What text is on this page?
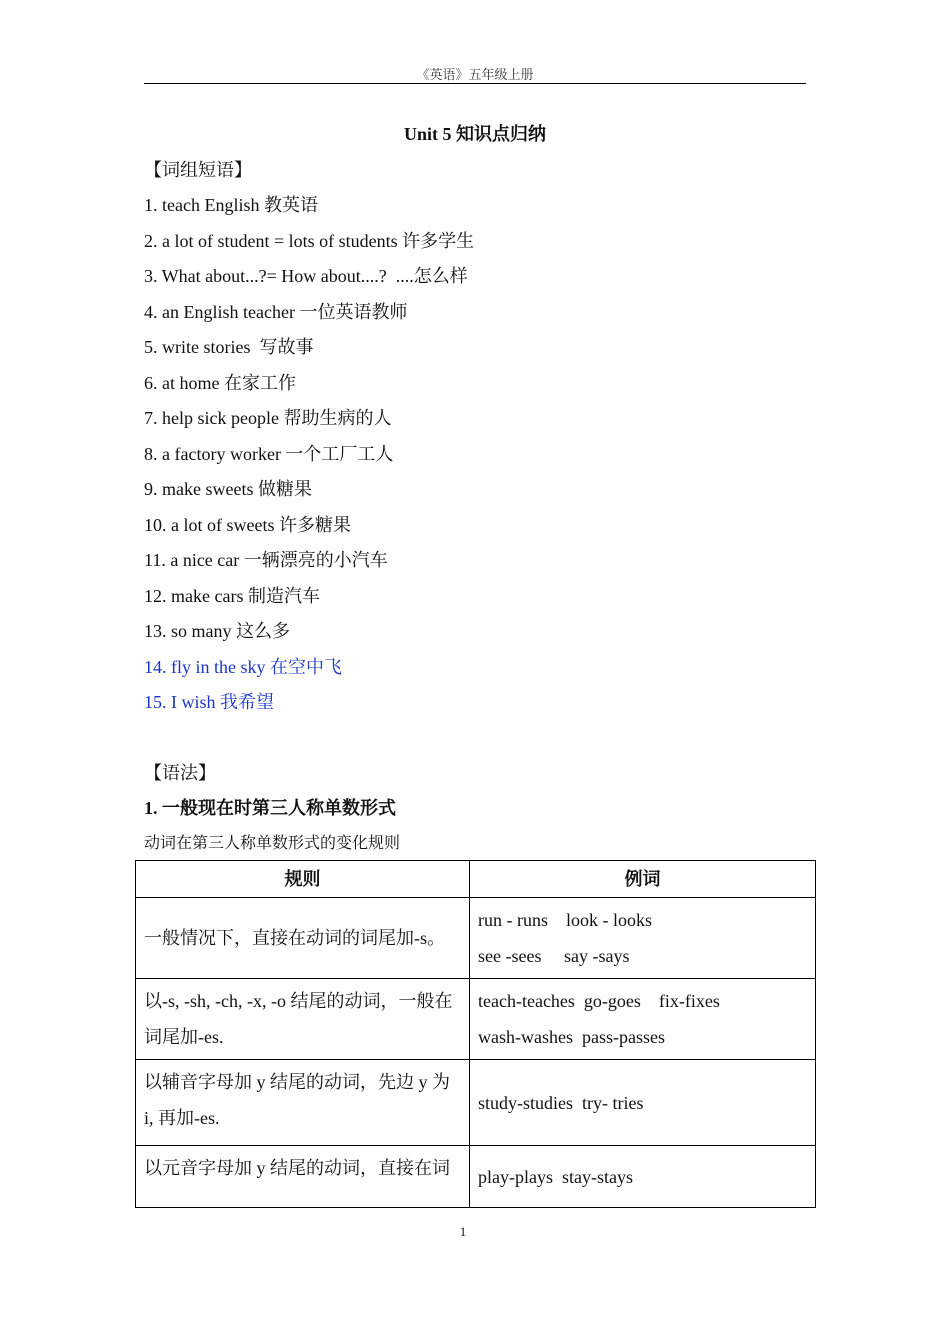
《英语》五年级上册
Unit 5 知识点归纳
【词组短语】
1. teach English 教英语
2. a lot of student = lots of students 许多学生
3. What about...?= How about....?  ....怎么样
4. an English teacher 一位英语教师
5. write stories  写故事
6. at home 在家工作
7. help sick people 帮助生病的人
8. a factory worker 一个工厂工人
9. make sweets 做糖果
10. a lot of sweets 许多糖果
11. a nice car 一辆漂亮的小汽车
12. make cars 制造汽车
13. so many 这么多
14. fly in the sky 在空中飞
15. I wish 我希望
【语法】
1. 一般现在时第三人称单数形式
动词在第三人称单数形式的变化规则
规则	例词
一般情况下，直接在动词的词尾加-s。	run - runs    look - looks
see -sees     say -says

以-s, -sh, -ch, -x, -o 结尾的动词，一般在词尾加-es.	teach-teaches  go-goes    fix-fixes
wash-washes  pass-passes

以辅音字母加 y 结尾的动词，先边 y 为 i, 再加-es.	study-studies  try- tries

以元音字母加 y 结尾的动词，直接在词	play-plays  stay-stays
1
